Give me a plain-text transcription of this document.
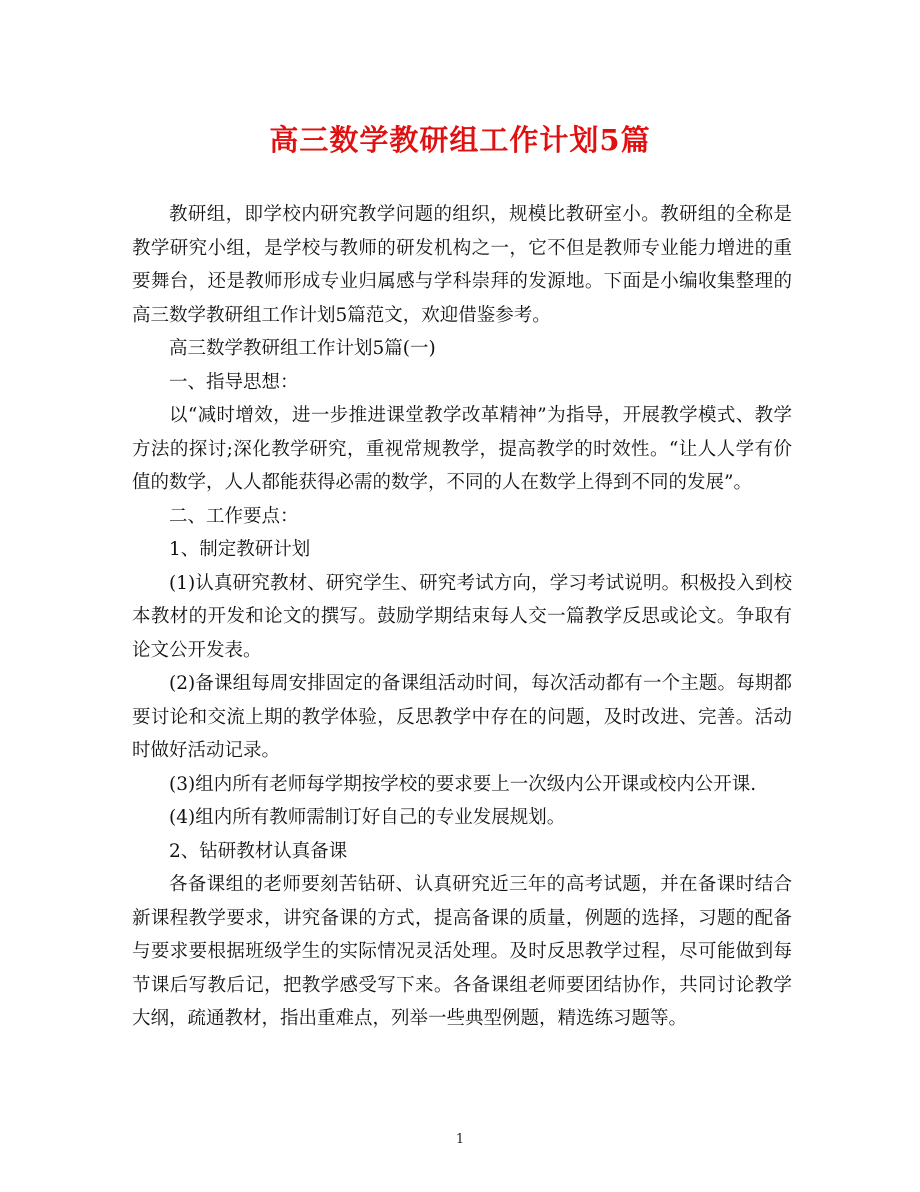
高三数学教研组工作计划5篇

教研组，即学校内研究教学问题的组织，规模比教研室小。教研组的全称是教学研究小组，是学校与教师的研发机构之一，它不但是教师专业能力增进的重要舞台，还是教师形成专业归属感与学科崇拜的发源地。下面是小编收集整理的高三数学教研组工作计划5篇范文，欢迎借鉴参考。

高三数学教研组工作计划5篇(一)

一、指导思想：

以“减时增效，进一步推进课堂教学改革精神”为指导，开展教学模式、教学方法的探讨;深化教学研究，重视常规教学，提高教学的时效性。“让人人学有价值的数学，人人都能获得必需的数学，不同的人在数学上得到不同的发展”。

二、工作要点：

1、制定教研计划

(1)认真研究教材、研究学生、研究考试方向，学习考试说明。积极投入到校本教材的开发和论文的撰写。鼓励学期结束每人交一篇教学反思或论文。争取有论文公开发表。

(2)备课组每周安排固定的备课组活动时间，每次活动都有一个主题。每期都要讨论和交流上期的教学体验，反思教学中存在的问题，及时改进、完善。活动时做好活动记录。

(3)组内所有老师每学期按学校的要求要上一次级内公开课或校内公开课.

(4)组内所有教师需制订好自己的专业发展规划。

2、钻研教材认真备课

各备课组的老师要刻苦钻研、认真研究近三年的高考试题，并在备课时结合新课程教学要求，讲究备课的方式，提高备课的质量，例题的选择，习题的配备与要求要根据班级学生的实际情况灵活处理。及时反思教学过程，尽可能做到每节课后写教后记，把教学感受写下来。各备课组老师要团结协作，共同讨论教学大纲，疏通教材，指出重难点，列举一些典型例题，精选练习题等。

1
